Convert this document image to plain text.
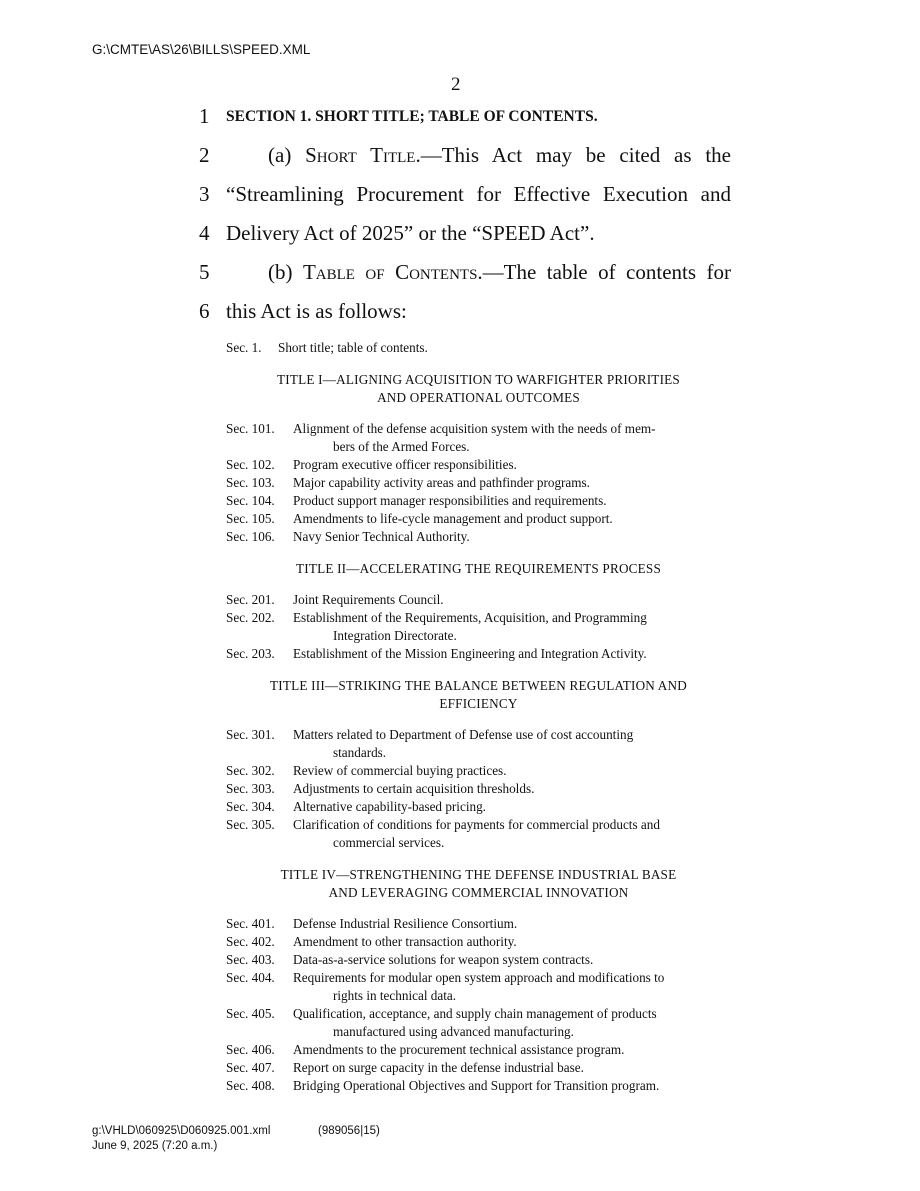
G:\CMTE\AS\26\BILLS\SPEED.XML
2
1
2
3
4
5
6
SECTION 1. SHORT TITLE; TABLE OF CONTENTS.
(a) Short Title.—This Act may be cited as the
“Streamlining Procurement for Effective Execution and
Delivery Act of 2025” or the “SPEED Act”.
(b) Table of Contents.—The table of contents for
this Act is as follows:
Sec. 1.	Short title; table of contents.
TITLE I—ALIGNING ACQUISITION TO WARFIGHTER PRIORITIES
AND OPERATIONAL OUTCOMES
Sec. 101.	Alignment of the defense acquisition system with the needs of mem-
bers of the Armed Forces.
Sec. 102.	Program executive officer responsibilities.
Sec. 103.	Major capability activity areas and pathfinder programs.
Sec. 104.	Product support manager responsibilities and requirements.
Sec. 105.	Amendments to life-cycle management and product support.
Sec. 106.	Navy Senior Technical Authority.
TITLE II—ACCELERATING THE REQUIREMENTS PROCESS
Sec. 201.	Joint Requirements Council.
Sec. 202.	Establishment of the Requirements, Acquisition, and Programming
Integration Directorate.
Sec. 203.	Establishment of the Mission Engineering and Integration Activity.
TITLE III—STRIKING THE BALANCE BETWEEN REGULATION AND
EFFICIENCY
Sec. 301.	Matters related to Department of Defense use of cost accounting
standards.
Sec. 302.	Review of commercial buying practices.
Sec. 303.	Adjustments to certain acquisition thresholds.
Sec. 304.	Alternative capability-based pricing.
Sec. 305.	Clarification of conditions for payments for commercial products and
commercial services.
TITLE IV—STRENGTHENING THE DEFENSE INDUSTRIAL BASE
AND LEVERAGING COMMERCIAL INNOVATION
Sec. 401.	Defense Industrial Resilience Consortium.
Sec. 402.	Amendment to other transaction authority.
Sec. 403.	Data-as-a-service solutions for weapon system contracts.
Sec. 404.	Requirements for modular open system approach and modifications to
rights in technical data.
Sec. 405.	Qualification, acceptance, and supply chain management of products
manufactured using advanced manufacturing.
Sec. 406.	Amendments to the procurement technical assistance program.
Sec. 407.	Report on surge capacity in the defense industrial base.
Sec. 408.	Bridging Operational Objectives and Support for Transition program.
g:\VHLD\060925\D060925.001.xml	(989056|15)
June 9, 2025 (7:20 a.m.)
